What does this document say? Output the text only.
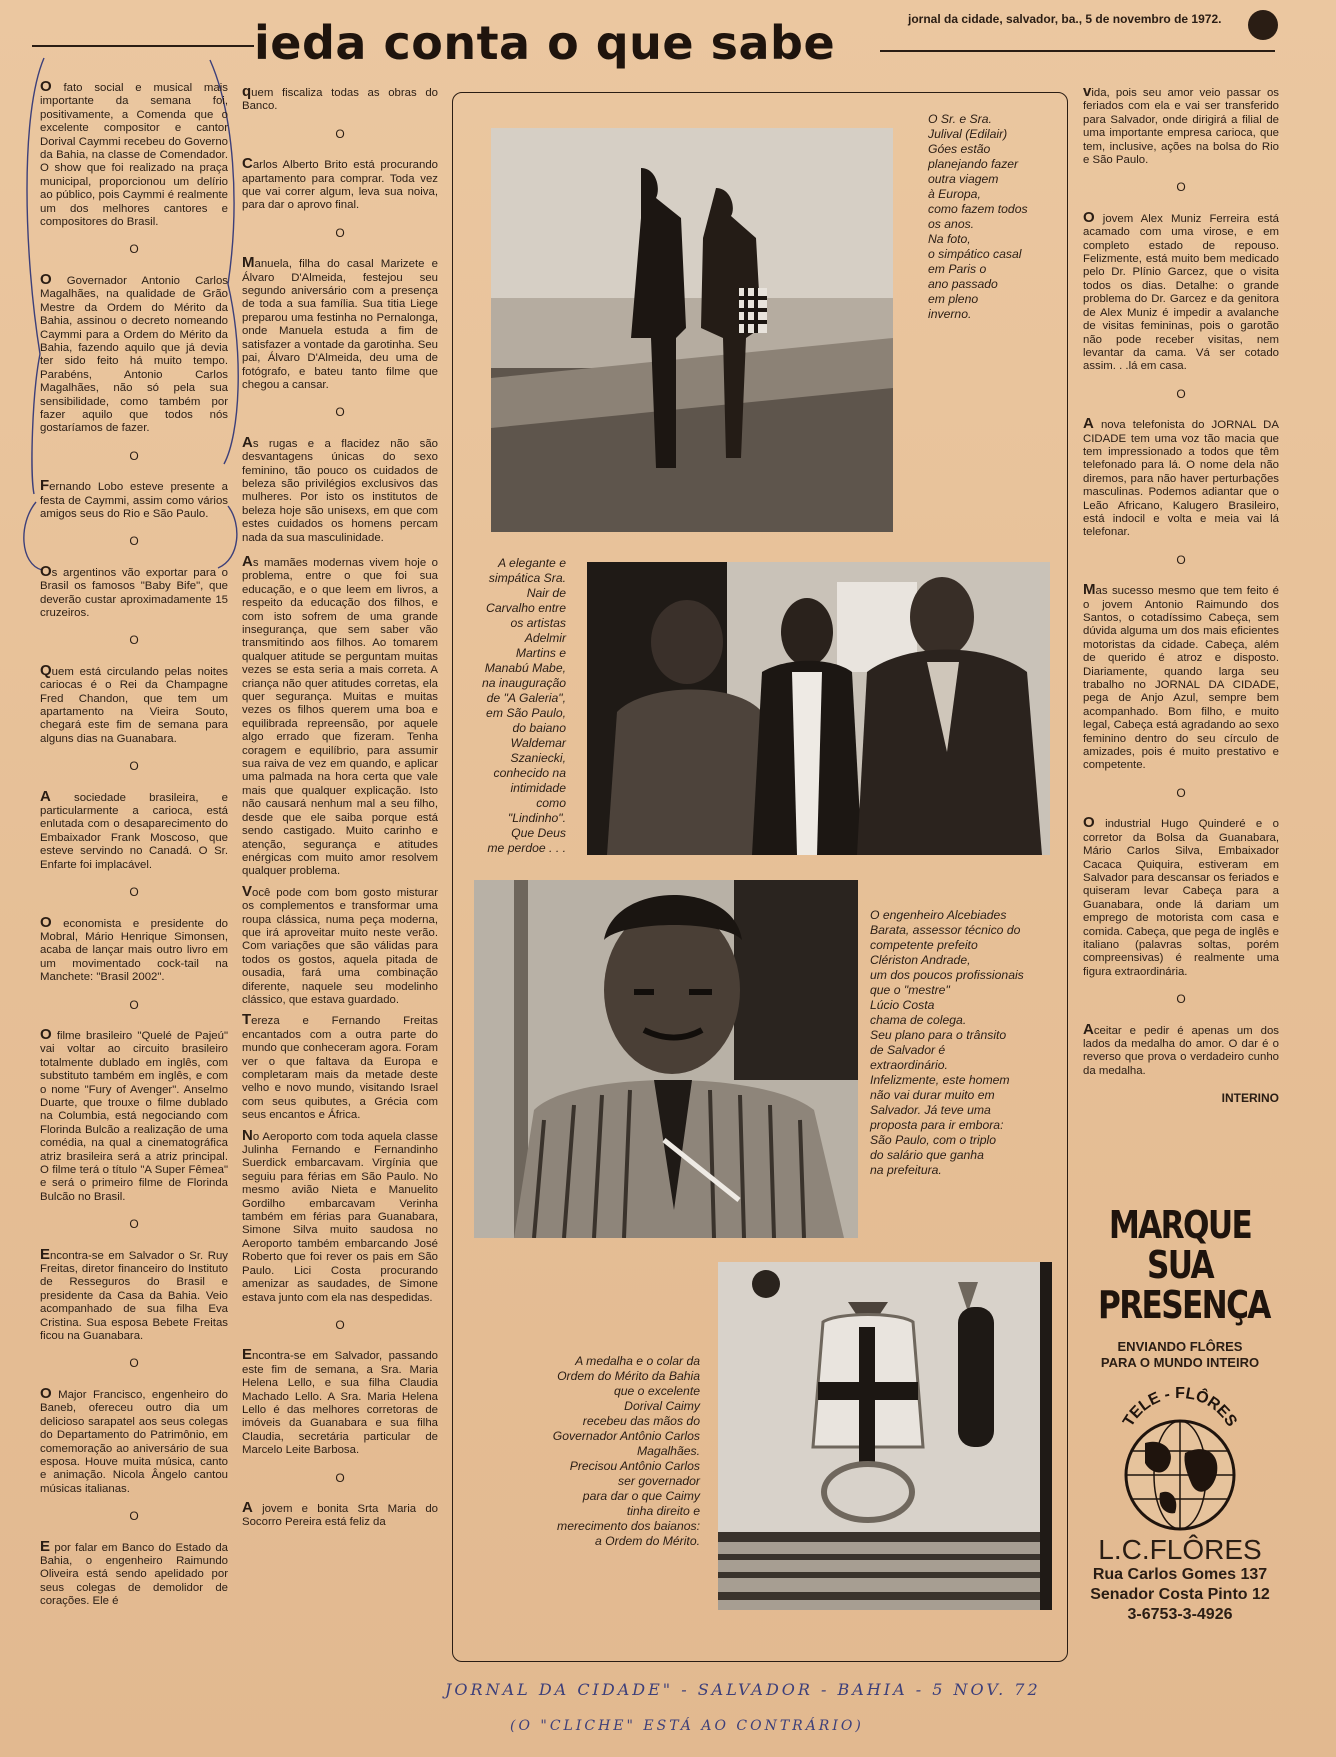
ieda conta o que sabe	jornal da cidade, salvador, ba., 5 de novembro de 1972.

O fato social e musical mais importante da semana foi, positivamente, a Comenda que o excelente compositor e cantor Dorival Caymmi recebeu do Governo da Bahia, na classe de Comendador. O show que foi realizado na praça municipal, proporcionou um delírio ao público, pois Caymmi é realmente um dos melhores cantores e compositores do Brasil.

O

O Governador Antonio Carlos Magalhães, na qualidade de Grão Mestre da Ordem do Mérito da Bahia, assinou o decreto nomeando Caymmi para a Ordem do Mérito da Bahia, fazendo aquilo que já devia ter sido feito há muito tempo. Parabéns, Antonio Carlos Magalhães, não só pela sua sensibilidade, como também por fazer aquilo que todos nós gostaríamos de fazer.

O

Fernando Lobo esteve presente a festa de Caymmi, assim como vários amigos seus do Rio e São Paulo.

O

Os argentinos vão exportar para o Brasil os famosos "Baby Bife", que deverão custar aproximadamente 15 cruzeiros.

O

Quem está circulando pelas noites cariocas é o Rei da Champagne Fred Chandon, que tem um apartamento na Vieira Souto, chegará este fim de semana para alguns dias na Guanabara.

O

A sociedade brasileira, e particularmente a carioca, está enlutada com o desaparecimento do Embaixador Frank Moscoso, que esteve servindo no Canadá. O Sr. Enfarte foi implacável.

O

O economista e presidente do Mobral, Mário Henrique Simonsen, acaba de lançar mais outro livro em um movimentado cock-tail na Manchete: "Brasil 2002".

O

O filme brasileiro "Quelé de Pajeú" vai voltar ao circuito brasileiro totalmente dublado em inglês, com substituto também em inglês, e com o nome "Fury of Avenger". Anselmo Duarte, que trouxe o filme dublado na Columbia, está negociando com Florinda Bulcão a realização de uma comédia, na qual a cinematográfica atriz brasileira será a atriz principal. O filme terá o título "A Super Fêmea" e será o primeiro filme de Florinda Bulcão no Brasil.

O

Encontra-se em Salvador o Sr. Ruy Freitas, diretor financeiro do Instituto de Resseguros do Brasil e presidente da Casa da Bahia. Veio acompanhado de sua filha Eva Cristina. Sua esposa Bebete Freitas ficou na Guanabara.

O

O Major Francisco, engenheiro do Baneb, ofereceu outro dia um delicioso sarapatel aos seus colegas do Departamento do Patrimônio, em comemoração ao aniversário de sua esposa. Houve muita música, canto e animação. Nicola Ângelo cantou músicas italianas.

O

E por falar em Banco do Estado da Bahia, o engenheiro Raimundo Oliveira está sendo apelidado por seus colegas de demolidor de corações. Ele é

quem fiscaliza todas as obras do Banco.

O

Carlos Alberto Brito está procurando apartamento para comprar. Toda vez que vai correr algum, leva sua noiva, para dar o aprovo final.

O

Manuela, filha do casal Marizete e Álvaro D'Almeida, festejou seu segundo aniversário com a presença de toda a sua família. Sua titia Liege preparou uma festinha no Pernalonga, onde Manuela estuda a fim de satisfazer a vontade da garotinha. Seu pai, Álvaro D'Almeida, deu uma de fotógrafo, e bateu tanto filme que chegou a cansar.

O

As rugas e a flacidez não são desvantagens únicas do sexo feminino, tão pouco os cuidados de beleza são privilégios exclusivos das mulheres. Por isto os institutos de beleza hoje são unisexs, em que com estes cuidados os homens percam nada da sua masculinidade.

As mamães modernas vivem hoje o problema, entre o que foi sua educação, e o que leem em livros, a respeito da educação dos filhos, e com isto sofrem de uma grande insegurança, que sem saber vão transmitindo aos filhos. Ao tomarem qualquer atitude se perguntam muitas vezes se esta seria a mais correta. A criança não quer atitudes corretas, ela quer segurança. Muitas e muitas vezes os filhos querem uma boa e equilibrada repreensão, por aquele algo errado que fizeram. Tenha coragem e equilíbrio, para assumir sua raiva de vez em quando, e aplicar uma palmada na hora certa que vale mais que qualquer explicação. Isto não causará nenhum mal a seu filho, desde que ele saiba porque está sendo castigado. Muito carinho e atenção, segurança e atitudes enérgicas com muito amor resolvem qualquer problema.

Você pode com bom gosto misturar os complementos e transformar uma roupa clássica, numa peça moderna, que irá aproveitar muito neste verão. Com variações que são válidas para todos os gostos, aquela pitada de ousadia, fará uma combinação diferente, naquele seu modelinho clássico, que estava guardado.

Tereza e Fernando Freitas encantados com a outra parte do mundo que conheceram agora. Foram ver o que faltava da Europa e completaram mais da metade deste velho e novo mundo, visitando Israel com seus quibutes, a Grécia com seus encantos e África.

No Aeroporto com toda aquela classe Julinha Fernando e Fernandinho Suerdick embarcavam. Virgínia que seguiu para férias em São Paulo. No mesmo avião Nieta e Manuelito Gordilho embarcavam Verinha também em férias para Guanabara, Simone Silva muito saudosa no Aeroporto também embarcando José Roberto que foi rever os pais em São Paulo. Lici Costa procurando amenizar as saudades, de Simone estava junto com ela nas despedidas.

O

Encontra-se em Salvador, passando este fim de semana, a Sra. Maria Helena Lello, e sua filha Claudia Machado Lello. A Sra. Maria Helena Lello é das melhores corretoras de imóveis da Guanabara e sua filha Claudia, secretária particular de Marcelo Leite Barbosa.

O

A jovem e bonita Srta Maria do Socorro Pereira está feliz da

O Sr. e Sra.

Julival (Edilair)

Góes estão

planejando fazer

outra viagem

à Europa,

como fazem todos

os anos.

Na foto,

o simpático casal

em Paris o

ano passado

em pleno

inverno.

A elegante e

simpática Sra.

Nair de

Carvalho entre

os artistas

Adelmir

Martins e

Manabú Mabe,

na inauguração

de "A Galeria",

em São Paulo,

do baiano

Waldemar

Szaniecki,

conhecido na

intimidade

como

"Lindinho".

Que Deus

me perdoe . . .

O engenheiro Alcebiades

Barata, assessor técnico do

competente prefeito

Clériston Andrade,

um dos poucos profissionais

que o "mestre"

Lúcio Costa

chama de colega.

Seu plano para o trânsito

de Salvador é

extraordinário.

Infelizmente, este homem

não vai durar muito em

Salvador. Já teve uma

proposta para ir embora:

São Paulo, com o triplo

do salário que ganha

na prefeitura.

A medalha e o colar da

Ordem do Mérito da Bahia

que o excelente

Dorival Caimy

recebeu das mãos do

Governador Antônio Carlos

Magalhães.

Precisou Antônio Carlos

ser governador

para dar o que Caimy

tinha direito e

merecimento dos baianos:

a Ordem do Mérito.

vida, pois seu amor veio passar os feriados com ela e vai ser transferido para Salvador, onde dirigirá a filial de uma importante empresa carioca, que tem, inclusive, ações na bolsa do Rio e São Paulo.

O

O jovem Alex Muniz Ferreira está acamado com uma virose, e em completo estado de repouso. Felizmente, está muito bem medicado pelo Dr. Plínio Garcez, que o visita todos os dias. Detalhe: o grande problema do Dr. Garcez e da genitora de Alex Muniz é impedir a avalanche de visitas femininas, pois o garotão não pode receber visitas, nem levantar da cama. Vá ser cotado assim. . .lá em casa.

O

A nova telefonista do JORNAL DA CIDADE tem uma voz tão macia que tem impressionado a todos que têm telefonado para lá. O nome dela não diremos, para não haver perturbações masculinas. Podemos adiantar que o Leão Africano, Kalugero Brasileiro, está indocil e volta e meia vai lá telefonar.

O

Mas sucesso mesmo que tem feito é o jovem Antonio Raimundo dos Santos, o cotadíssimo Cabeça, sem dúvida alguma um dos mais eficientes motoristas da cidade. Cabeça, além de querido é atroz e disposto. Diariamente, quando larga seu trabalho no JORNAL DA CIDADE, pega de Anjo Azul, sempre bem acompanhado. Bom filho, e muito legal, Cabeça está agradando ao sexo feminino dentro do seu círculo de amizades, pois é muito prestativo e competente.

O

O industrial Hugo Quinderé e o corretor da Bolsa da Guanabara, Mário Carlos Silva, Embaixador Cacaca Quiquira, estiveram em Salvador para descansar os feriados e quiseram levar Cabeça para a Guanabara, onde lá dariam um emprego de motorista com casa e comida. Cabeça, que pega de inglês e italiano (palavras soltas, porém compreensivas) é realmente uma figura extraordinária.

O

Aceitar e pedir é apenas um dos lados da medalha do amor. O dar é o reverso que prova o verdadeiro cunho da medalha.

INTERINO
MARQUE
SUA
PRESENÇA
ENVIANDO FLÔRES
PARA O MUNDO INTEIRO
TELE - FLÔRES
L.C.FLÔRES
Rua Carlos Gomes 137
Senador Costa Pinto 12
3-6753-3-4926
JORNAL DA CIDADE" - SALVADOR - BAHIA - 5 NOV. 72
(O "CLICHE" ESTÁ AO CONTRÁRIO)
